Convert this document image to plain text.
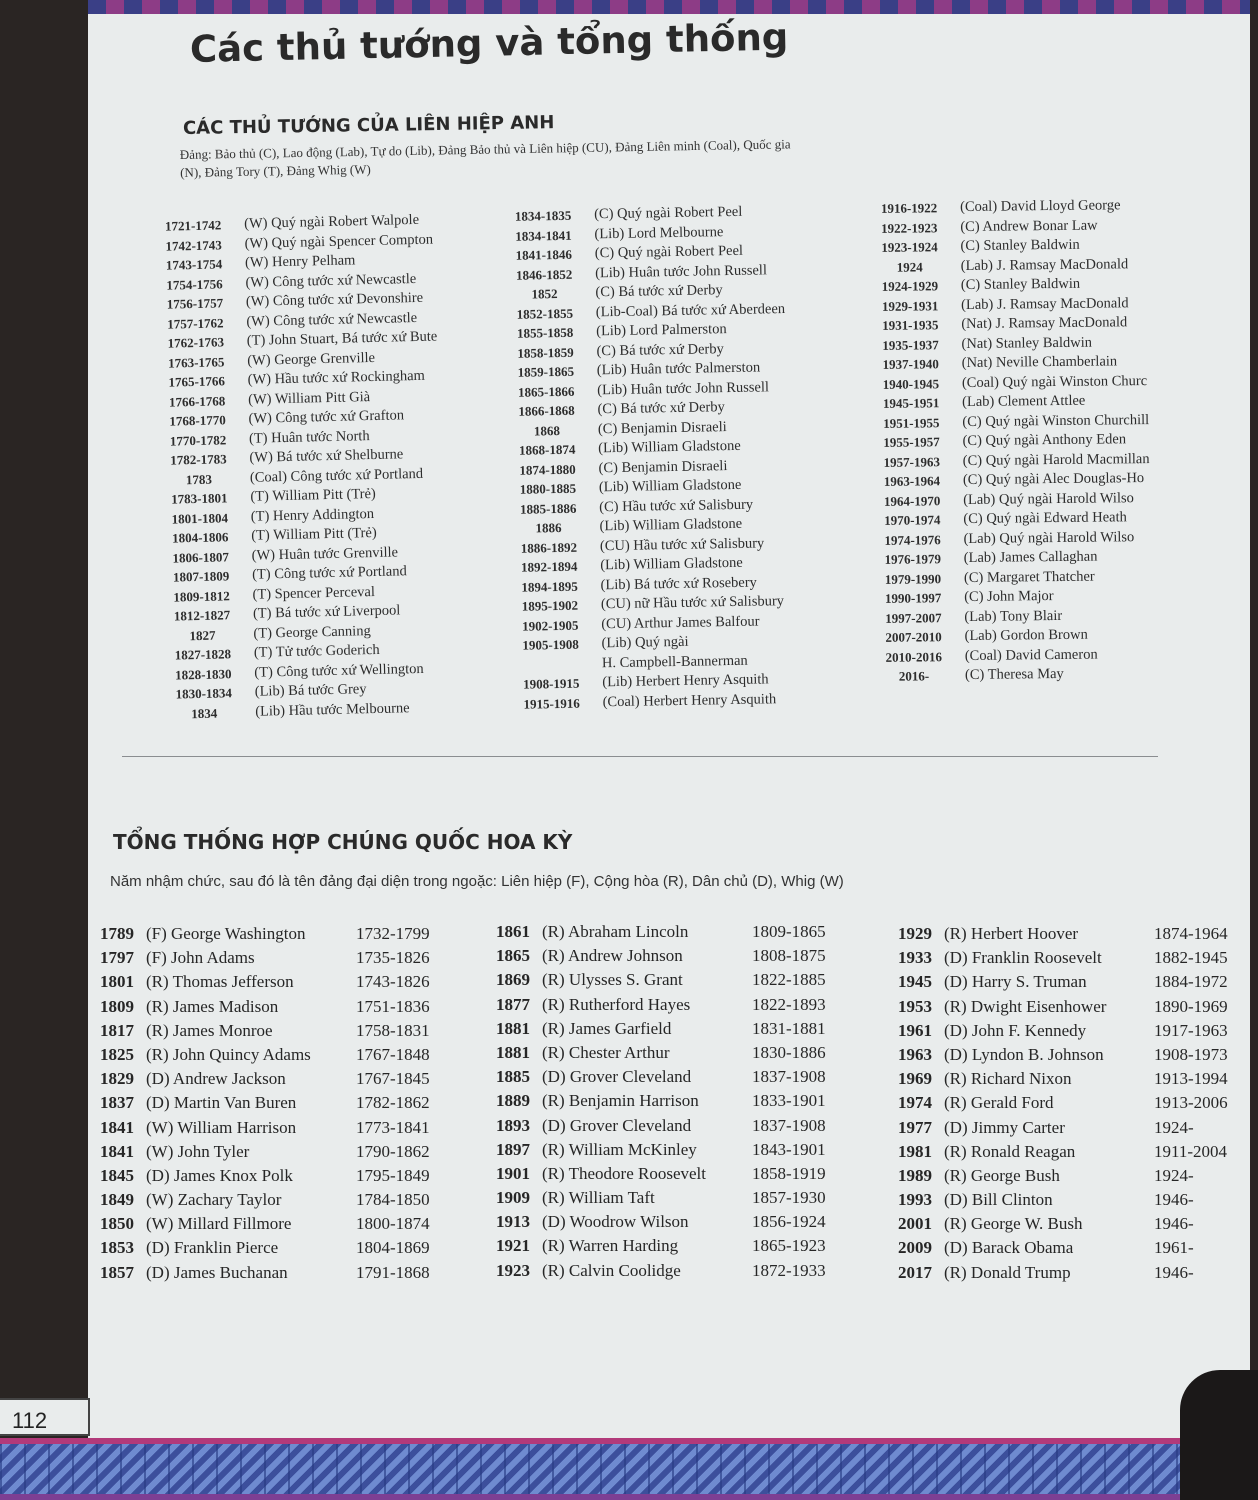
Các thủ tướng và tổng thống
CÁC THỦ TƯỚNG CỦA LIÊN HIỆP ANH

Đảng: Bảo thủ (C), Lao động (Lab), Tự do (Lib), Đảng Bảo thủ và Liên hiệp (CU), Đảng Liên minh (Coal), Quốc gia (N), Đảng Tory (T), Đảng Whig (W)

1721-1742	(W) Quý ngài Robert Walpole
1742-1743	(W) Quý ngài Spencer Compton
1743-1754	(W) Henry Pelham
1754-1756	(W) Công tước xứ Newcastle
1756-1757	(W) Công tước xứ Devonshire
1757-1762	(W) Công tước xứ Newcastle
1762-1763	(T) John Stuart, Bá tước xứ Bute
1763-1765	(W) George Grenville
1765-1766	(W) Hầu tước xứ Rockingham
1766-1768	(W) William Pitt Già
1768-1770	(W) Công tước xứ Grafton
1770-1782	(T) Huân tước North
1782-1783	(W) Bá tước xứ Shelburne
1783	(Coal) Công tước xứ Portland
1783-1801	(T) William Pitt (Trẻ)
1801-1804	(T) Henry Addington
1804-1806	(T) William Pitt (Trẻ)
1806-1807	(W) Huân tước Grenville
1807-1809	(T) Công tước xứ Portland
1809-1812	(T) Spencer Perceval
1812-1827	(T) Bá tước xứ Liverpool
1827	(T) George Canning
1827-1828	(T) Tử tước Goderich
1828-1830	(T) Công tước xứ Wellington
1830-1834	(Lib) Bá tước Grey
1834	(Lib) Hầu tước Melbourne
1834-1835	(C) Quý ngài Robert Peel
1834-1841	(Lib) Lord Melbourne
1841-1846	(C) Quý ngài Robert Peel
1846-1852	(Lib) Huân tước John Russell
1852	(C) Bá tước xứ Derby
1852-1855	(Lib-Coal) Bá tước xứ Aberdeen
1855-1858	(Lib) Lord Palmerston
1858-1859	(C) Bá tước xứ Derby
1859-1865	(Lib) Huân tước Palmerston
1865-1866	(Lib) Huân tước John Russell
1866-1868	(C) Bá tước xứ Derby
1868	(C) Benjamin Disraeli
1868-1874	(Lib) William Gladstone
1874-1880	(C) Benjamin Disraeli
1880-1885	(Lib) William Gladstone
1885-1886	(C) Hầu tước xứ Salisbury
1886	(Lib) William Gladstone
1886-1892	(CU) Hầu tước xứ Salisbury
1892-1894	(Lib) William Gladstone
1894-1895	(Lib) Bá tước xứ Rosebery
1895-1902	(CU) nữ Hầu tước xứ Salisbury
1902-1905	(CU) Arthur James Balfour
1905-1908	(Lib) Quý ngài
H. Campbell-Bannerman
1908-1915	(Lib) Herbert Henry Asquith
1915-1916	(Coal) Herbert Henry Asquith
1916-1922	(Coal) David Lloyd George
1922-1923	(C) Andrew Bonar Law
1923-1924	(C) Stanley Baldwin
1924	(Lab) J. Ramsay MacDonald
1924-1929	(C) Stanley Baldwin
1929-1931	(Lab) J. Ramsay MacDonald
1931-1935	(Nat) J. Ramsay MacDonald
1935-1937	(Nat) Stanley Baldwin
1937-1940	(Nat) Neville Chamberlain
1940-1945	(Coal) Quý ngài Winston Churc
1945-1951	(Lab) Clement Attlee
1951-1955	(C) Quý ngài Winston Churchill
1955-1957	(C) Quý ngài Anthony Eden
1957-1963	(C) Quý ngài Harold Macmillan
1963-1964	(C) Quý ngài Alec Douglas-Ho
1964-1970	(Lab) Quý ngài Harold Wilso
1970-1974	(C) Quý ngài Edward Heath
1974-1976	(Lab) Quý ngài Harold Wilso
1976-1979	(Lab) James Callaghan
1979-1990	(C) Margaret Thatcher
1990-1997	(C) John Major
1997-2007	(Lab) Tony Blair
2007-2010	(Lab) Gordon Brown
2010-2016	(Coal) David Cameron
2016-	(C) Theresa May
TỔNG THỐNG HỢP CHÚNG QUỐC HOA KỲ

Năm nhậm chức, sau đó là tên đảng đại diện trong ngoặc: Liên hiệp (F), Cộng hòa (R), Dân chủ (D), Whig (W)

1789 (F) George Washington	1732-1799
1797 (F) John Adams	1735-1826
1801 (R) Thomas Jefferson	1743-1826
1809 (R) James Madison	1751-1836
1817 (R) James Monroe	1758-1831
1825 (R) John Quincy Adams	1767-1848
1829 (D) Andrew Jackson	1767-1845
1837 (D) Martin Van Buren	1782-1862
1841 (W) William Harrison	1773-1841
1841 (W) John Tyler	1790-1862
1845 (D) James Knox Polk	1795-1849
1849 (W) Zachary Taylor	1784-1850
1850 (W) Millard Fillmore	1800-1874
1853 (D) Franklin Pierce	1804-1869
1857 (D) James Buchanan	1791-1868
1861 (R) Abraham Lincoln	1809-1865
1865 (R) Andrew Johnson	1808-1875
1869 (R) Ulysses S. Grant	1822-1885
1877 (R) Rutherford Hayes	1822-1893
1881 (R) James Garfield	1831-1881
1881 (R) Chester Arthur	1830-1886
1885 (D) Grover Cleveland	1837-1908
1889 (R) Benjamin Harrison	1833-1901
1893 (D) Grover Cleveland	1837-1908
1897 (R) William McKinley	1843-1901
1901 (R) Theodore Roosevelt	1858-1919
1909 (R) William Taft	1857-1930
1913 (D) Woodrow Wilson	1856-1924
1921 (R) Warren Harding	1865-1923
1923 (R) Calvin Coolidge	1872-1933
1929 (R) Herbert Hoover	1874-1964
1933 (D) Franklin Roosevelt	1882-1945
1945 (D) Harry S. Truman	1884-1972
1953 (R) Dwight Eisenhower	1890-1969
1961 (D) John F. Kennedy	1917-1963
1963 (D) Lyndon B. Johnson	1908-1973
1969 (R) Richard Nixon	1913-1994
1974 (R) Gerald Ford	1913-2006
1977 (D) Jimmy Carter	1924-
1981 (R) Ronald Reagan	1911-2004
1989 (R) George Bush	1924-
1993 (D) Bill Clinton	1946-
2001 (R) George W. Bush	1946-
2009 (D) Barack Obama	1961-
2017 (R) Donald Trump	1946-
112
